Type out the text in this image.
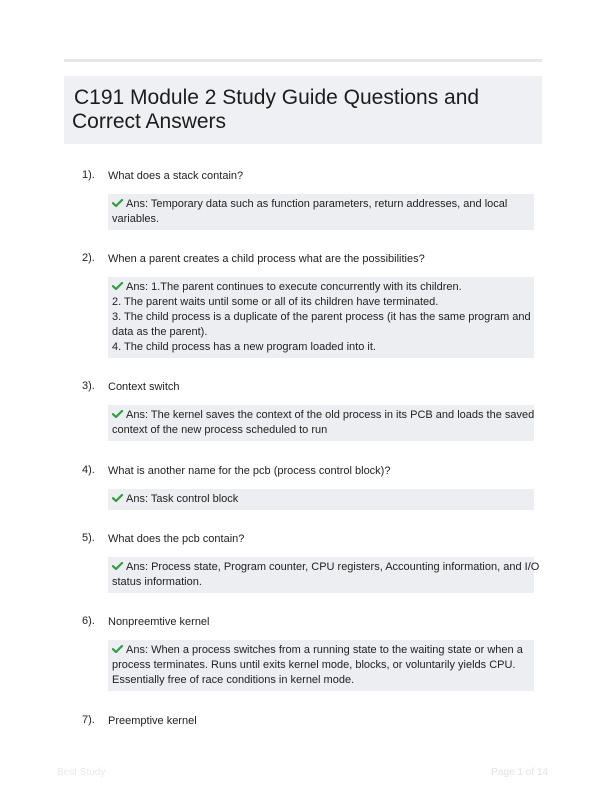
C191 Module 2 Study Guide Questions and
Correct Answers
1). What does a stack contain?
Ans: Temporary data such as function parameters, return addresses, and local
variables.
2). When a parent creates a child process what are the possibilities?
Ans: 1.The parent continues to execute concurrently with its children.
2. The parent waits until some or all of its children have terminated.
3. The child process is a duplicate of the parent process (it has the same program and
data as the parent).
4. The child process has a new program loaded into it.
3). Context switch
Ans: The kernel saves the context of the old process in its PCB and loads the saved
context of the new process scheduled to run
4). What is another name for the pcb (process control block)?
Ans: Task control block
5). What does the pcb contain?
Ans: Process state, Program counter, CPU registers, Accounting information, and I/O
status information.
6). Nonpreemtive kernel
Ans: When a process switches from a running state to the waiting state or when a
process terminates. Runs until exits kernel mode, blocks, or voluntarily yields CPU.
Essentially free of race conditions in kernel mode.
7). Preemptive kernel
Best Study	Page 1 of 14
